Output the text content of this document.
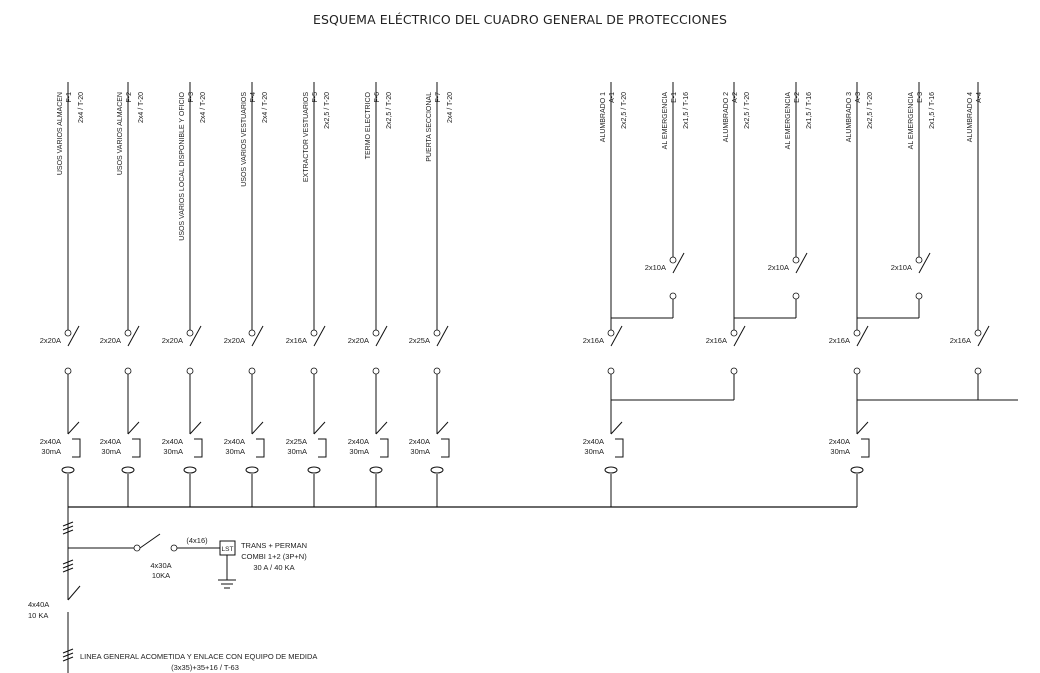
ESQUEMA ELÉCTRICO DEL CUADRO GENERAL DE PROTECCIONES
F-1
USOS VARIOS ALMACEN 2x4 / T-20
2x20A
2x40A
30mA
F-2
USOS VARIOS ALMACEN 2x4 / T-20
2x20A
2x40A
30mA
F-3
USOS VARIOS LOCAL DISPONIBLE Y OFICIO 2x4 / T-20
2x20A
2x40A
30mA
F-4
USOS VARIOS VESTUARIOS 2x4 / T-20
2x20A
2x40A
30mA
F-5
EXTRACTOR VESTUARIOS 2x2,5 / T-20
2x16A
2x25A
30mA
F-6
TERMO ELECTRICO 2x2,5 / T-20
2x20A
2x40A
30mA
F-7
PUERTA SECCIONAL 2x4 / T-20
2x25A
2x40A
30mA
A-1
ALUMBRADO 1 2x2,5 / T-20	E-1
AL EMERGENCIA 2x1,5 / T-16
2x10A
2x16A
A-2
ALUMBRADO 2 2x2,5 / T-20	E-2
AL EMERGENCIA 2x1,5 / T-16
2x10A
2x16A
A-3
ALUMBRADO 3 2x2,5 / T-20	E-3
AL EMERGENCIA 2x1,5 / T-16
2x10A
2x16A
A-4
ALUMBRADO 4
2x16A
2x40A
30mA
2x40A
30mA
4x30A
10KA
(4x16)
LST TRANS + PERMAN
COMBI 1+2 (3P+N)
30 A / 40 KA
4x40A
10 KA
LINEA GENERAL ACOMETIDA Y ENLACE CON EQUIPO DE MEDIDA
(3x35)+35+16 / T-63
